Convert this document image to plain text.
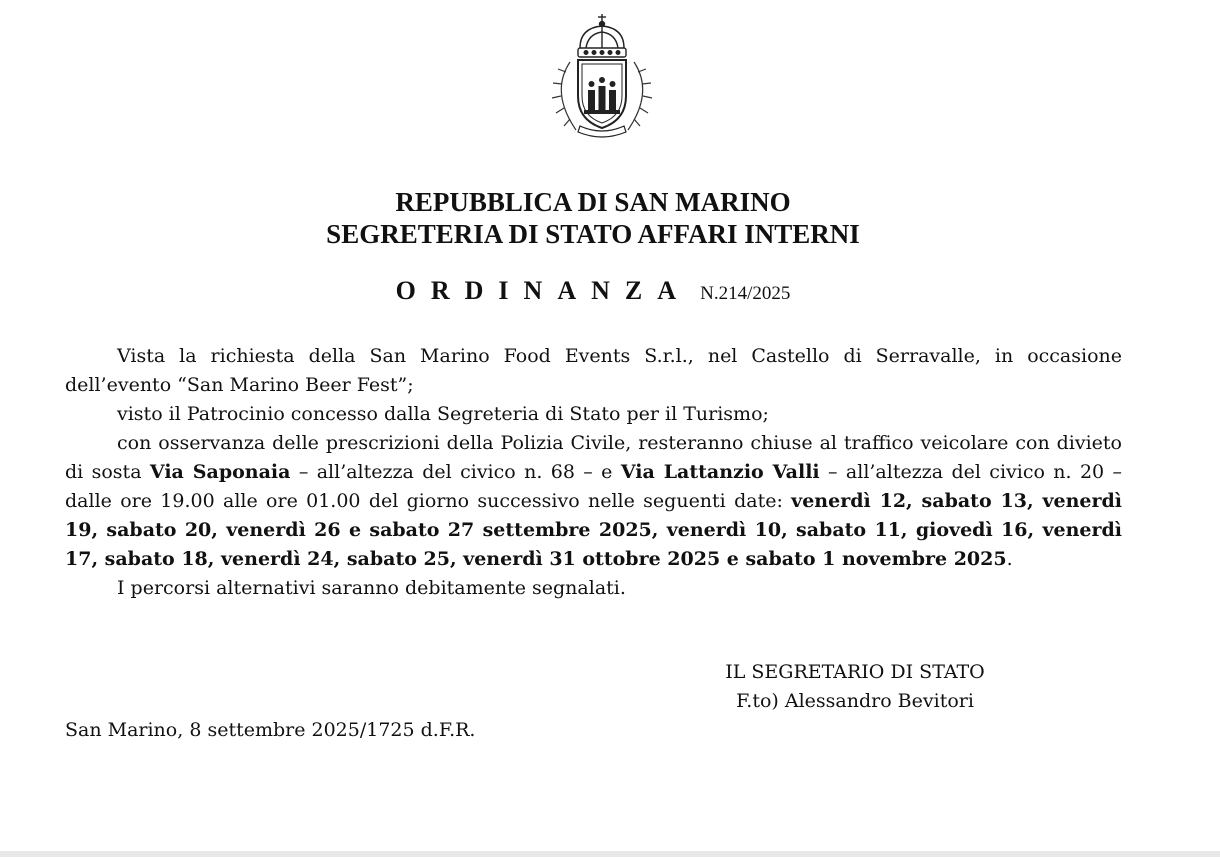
REPUBBLICA DI SAN MARINO
SEGRETERIA DI STATO AFFARI INTERNI
ORDINANZA N.214/2025

Vista la richiesta della San Marino Food Events S.r.l., nel Castello di Serravalle, in occasione dell’evento “San Marino Beer Fest”;

visto il Patrocinio concesso dalla Segreteria di Stato per il Turismo;

con osservanza delle prescrizioni della Polizia Civile, resteranno chiuse al traffico veicolare con divieto di sosta Via Saponaia – all’altezza del civico n. 68 – e Via Lattanzio Valli – all’altezza del civico n. 20 – dalle ore 19.00 alle ore 01.00 del giorno successivo nelle seguenti date: venerdì 12, sabato 13, venerdì 19, sabato 20, venerdì 26 e sabato 27 settembre 2025, venerdì 10, sabato 11, giovedì 16, venerdì 17, sabato 18, venerdì 24, sabato 25, venerdì 31 ottobre 2025 e sabato 1 novembre 2025.

I percorsi alternativi saranno debitamente segnalati.

IL SEGRETARIO DI STATO
F.to) Alessandro Bevitori
San Marino, 8 settembre 2025/1725 d.F.R.
